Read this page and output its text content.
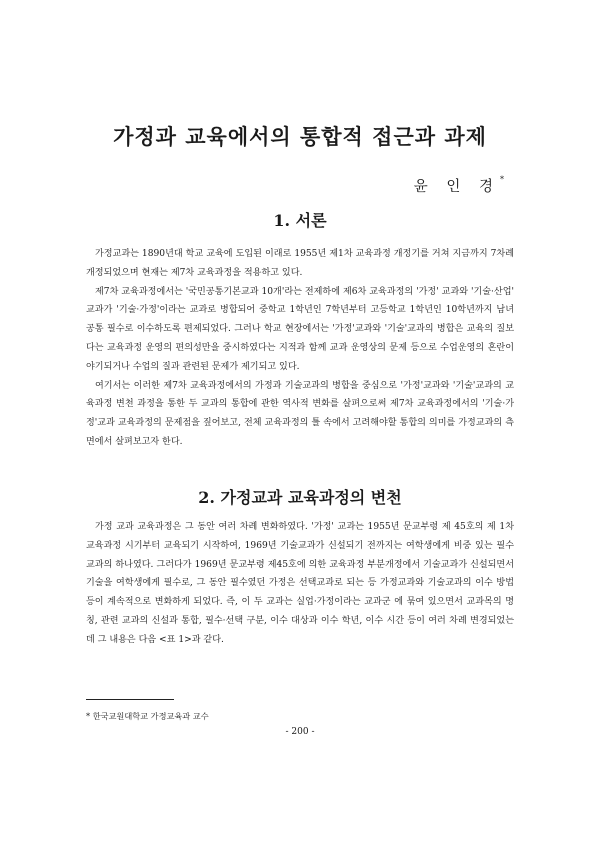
가정과 교육에서의 통합적 접근과 과제

윤 인 경*

1. 서론

가정교과는 1890년대 학교 교육에 도입된 이래로 1955년 제1차 교육과정 개정기를 거쳐 지금까지 7차례 개정되었으며 현재는 제7차 교육과정을 적용하고 있다.

제7차 교육과정에서는 '국민공통기본교과 10개'라는 전제하에 제6차 교육과정의 '가정' 교과와 '기술·산업' 교과가 '기술·가정'이라는 교과로 병합되어 중학교 1학년인 7학년부터 고등학교 1학년인 10학년까지 남녀 공통 필수로 이수하도록 편제되었다. 그러나 학교 현장에서는 '가정'교과와 '기술'교과의 병합은 교육의 질보다는 교육과정 운영의 편의성만을 중시하였다는 지적과 함께 교과 운영상의 문제 등으로 수업운영의 혼란이 야기되거나 수업의 질과 관련된 문제가 제기되고 있다.

여기서는 이러한 제7차 교육과정에서의 가정과 기술교과의 병합을 중심으로 '가정'교과와 '기술'교과의 교육과정 변천 과정을 통한 두 교과의 통합에 관한 역사적 변화를 살펴으로써 제7차 교육과정에서의 '기술·가정'교과 교육과정의 문제점을 짚어보고, 전체 교육과정의 틀 속에서 고려해야할 통합의 의미를 가정교과의 측면에서 살펴보고자 한다.

2. 가정교과 교육과정의 변천

가정 교과 교육과정은 그 동안 여러 차례 변화하였다. '가정' 교과는 1955년 문교부령 제 45호의 제 1차 교육과정 시기부터 교육되기 시작하여, 1969년 기술교과가 신설되기 전까지는 여학생에게 비중 있는 필수 교과의 하나였다. 그러다가 1969년 문교부령 제45호에 의한 교육과정 부분개정에서 기술교과가 신설되면서 기술을 여학생에게 필수로, 그 동안 필수였던 가정은 선택교과로 되는 등 가정교과와 기술교과의 이수 방법 등이 계속적으로 변화하게 되었다. 즉, 이 두 교과는 실업·가정이라는 교과군 에 묶여 있으면서 교과목의 명칭, 관련 교과의 신설과 통합, 필수·선택 구분, 이수 대상과 이수 학년, 이수 시간 등이 여러 차례 변경되었는데 그 내용은 다음 <표 1>과 같다.

* 한국교원대학교 가정교육과 교수

- 200 -
